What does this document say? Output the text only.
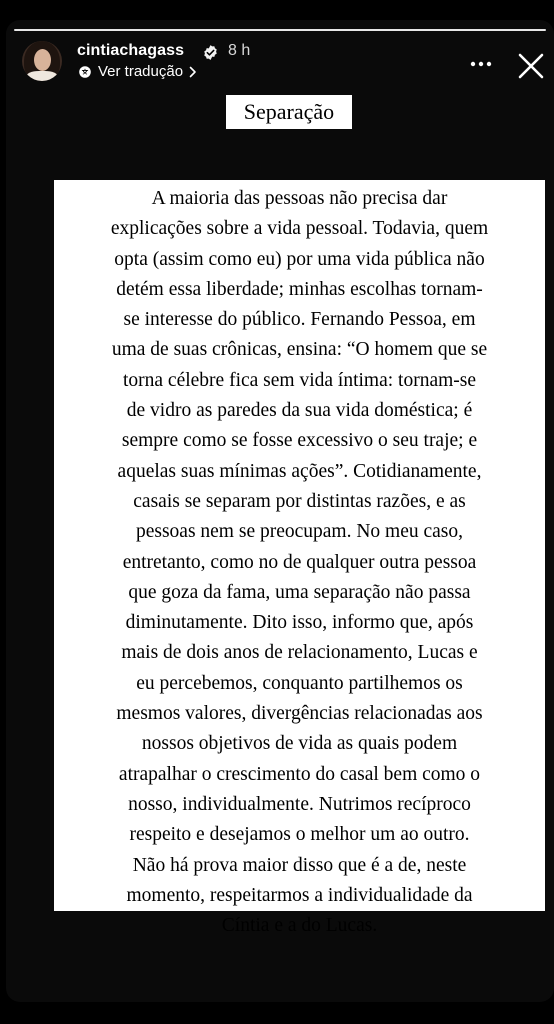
cintiachagass	8 h
Ver tradução
Separação

A maioria das pessoas não precisa dar
explicações sobre a vida pessoal. Todavia, quem
opta (assim como eu) por uma vida pública não
detém essa liberdade; minhas escolhas tornam-
se interesse do público. Fernando Pessoa, em
uma de suas crônicas, ensina: “O homem que se
torna célebre fica sem vida íntima: tornam-se
de vidro as paredes da sua vida doméstica; é
sempre como se fosse excessivo o seu traje; e
aquelas suas mínimas ações”. Cotidianamente,
casais se separam por distintas razões, e as
pessoas nem se preocupam. No meu caso,
entretanto, como no de qualquer outra pessoa
que goza da fama, uma separação não passa
diminutamente. Dito isso, informo que, após
mais de dois anos de relacionamento, Lucas e
eu percebemos, conquanto partilhemos os
mesmos valores, divergências relacionadas aos
nossos objetivos de vida as quais podem
atrapalhar o crescimento do casal bem como o
nosso, individualmente. Nutrimos recíproco
respeito e desejamos o melhor um ao outro.
Não há prova maior disso que é a de, neste
momento, respeitarmos a individualidade da
Cíntia e a do Lucas.
